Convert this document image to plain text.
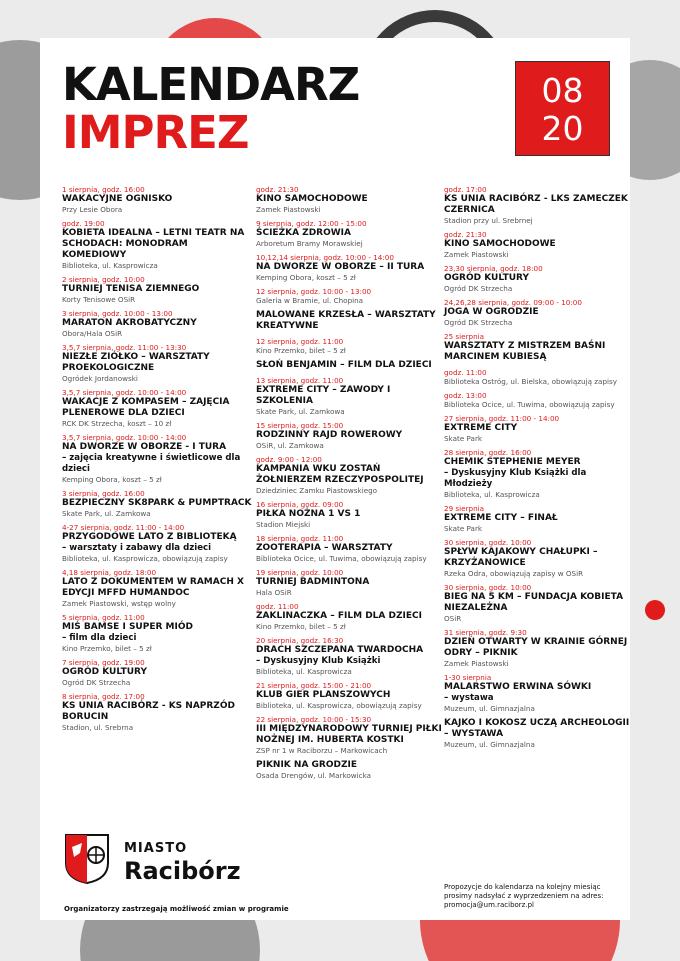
KALENDARZ
IMPREZ
08
20
1 sierpnia, godz. 16:00
WAKACYJNE OGNISKO
Przy Lesie Obora
godz. 19:00
KOBIETA IDEALNA – LETNI TEATR NA SCHODACH: MONODRAM KOMEDIOWY
Biblioteka, ul. Kasprowicza
2 sierpnia, godz. 10:00
TURNIEJ TENISA ZIEMNEGO
Korty Tenisowe OSiR
3 sierpnia, godz. 10:00 - 13:00
MARATON AKROBATYCZNY
Obora/Hala OSiR
3,5,7 sierpnia, godz. 11:00 - 13:30
NIEZŁE ZIÓŁKO – WARSZTATY PROEKOLOGICZNE
Ogródek Jordanowski
3,5,7 sierpnia, godz. 10:00 - 14:00
WAKACJE Z KOMPASEM – ZAJĘCIA PLENEROWE DLA DZIECI
RCK DK Strzecha, koszt – 10 zł
3,5,7 sierpnia, godz. 10:00 - 14:00
NA DWORZE W OBORZE - I TURA
– zajęcia kreatywne i świetlicowe dla dzieci
Kemping Obora, koszt – 5 zł
3 sierpnia, godz. 16:00
BEZPIECZNY SK8PARK & PUMPTRACK
Skate Park, ul. Zamkowa
4-27 sierpnia, godz. 11:00 - 14:00
PRZYGODOWE LATO Z BIBLIOTEKĄ
– warsztaty i zabawy dla dzieci
Biblioteka, ul. Kasprowicza, obowiązują zapisy
4,18 sierpnia, godz. 18:00
LATO Z DOKUMENTEM W RAMACH X EDYCJI MFFD HUMANDOC
Zamek Piastowski, wstęp wolny
5 sierpnia, godz. 11:00
MIŚ BAMSE I SUPER MIÓD
– film dla dzieci
Kino Przemko, bilet – 5 zł
7 sierpnia, godz. 19:00
OGRÓD KULTURY
Ogród DK Strzecha
8 sierpnia, godz. 17:00
KS UNIA RACIBÓRZ - KS NAPRZÓD BORUCIN
Stadion, ul. Srebrna
godz. 21:30
KINO SAMOCHODOWE
Zamek Piastowski
9 sierpnia, godz. 12:00 - 15:00
ŚCIEŻKA ZDROWIA
Arboretum Bramy Morawskiej
10,12,14 sierpnia, godz. 10:00 - 14:00
NA DWORZE W OBORZE – II TURA
Kemping Obora, koszt – 5 zł
12 sierpnia, godz. 10:00 - 13:00
Galeria w Bramie, ul. Chopina
MALOWANE KRZESŁA – WARSZTATY KREATYWNE
12 sierpnia, godz. 11:00
Kino Przemko, bilet – 5 zł
SŁOŃ BENJAMIN – FILM DLA DZIECI
13 sierpnia, godz. 11:00
EXTREME CITY – ZAWODY I SZKOLENIA
Skate Park, ul. Zamkowa
15 sierpnia, godz. 15:00
RODZINNY RAJD ROWEROWY
OSiR, ul. Zamkowa
godz. 9:00 - 12:00
KAMPANIA WKU ZOSTAŃ ŻOŁNIERZEM RZECZYPOSPOLITEJ
Dziedziniec Zamku Piastowskiego
16 sierpnia, godz. 09:00
PIŁKA NOŻNA 1 VS 1
Stadion Miejski
18 sierpnia, godz. 11:00
ZOOTERAPIA – WARSZTATY
Biblioteka Ocice, ul. Tuwima, obowiązują zapisy
19 sierpnia, godz. 10:00
TURNIEJ BADMINTONA
Hala OSiR
godz. 11:00
ZAKLINACZKA – FILM DLA DZIECI
Kino Przemko, bilet – 5 zł
20 sierpnia, godz. 16:30
DRACH SZCZEPANA TWARDOCHA
– Dyskusyjny Klub Książki
Biblioteka, ul. Kasprowicza
21 sierpnia, godz. 15:00 - 21:00
KLUB GIER PLANSZOWYCH
Biblioteka, ul. Kasprowicza, obowiązują zapisy
22 sierpnia, godz. 10:00 - 15:30
III MIĘDZYNARODOWY TURNIEJ PIŁKI NOŻNEJ IM. HUBERTA KOSTKI
ZSP nr 1 w Raciborzu – Markowicach
PIKNIK NA GRODZIE
Osada Drengów, ul. Markowicka
godz. 17:00
KS UNIA RACIBÓRZ - LKS ZAMECZEK CZERNICA
Stadion przy ul. Srebrnej
godz. 21:30
KINO SAMOCHODOWE
Zamek Piastowski
23,30 sierpnia, godz. 18:00
OGRÓD KULTURY
Ogród DK Strzecha
24,26,28 sierpnia, godz. 09:00 - 10:00
JOGA W OGRODZIE
Ogród DK Strzecha
25 sierpnia
WARSZTATY Z MISTRZEM BAŚNI MARCINEM KUBIESĄ
godz. 11:00
Biblioteka Ostróg, ul. Bielska, obowiązują zapisy
godz. 13:00
Biblioteka Ocice, ul. Tuwima, obowiązują zapisy
27 sierpnia, godz. 11:00 - 14:00
EXTREME CITY
Skate Park
28 sierpnia, godz. 16:00
CHEMIK STEPHENIE MEYER
– Dyskusyjny Klub Książki dla Młodzieży
Biblioteka, ul. Kasprowicza
29 sierpnia
EXTREME CITY – FINAŁ
Skate Park
30 sierpnia, godz. 10:00
SPŁYW KAJAKOWY CHAŁUPKI – KRZYŻANOWICE
Rzeka Odra, obowiązują zapisy w OSiR
30 sierpnia, godz. 10:00
BIEG NA 5 KM – FUNDACJA KOBIETA NIEZALEŻNA
OSiR
31 sierpnia, godz. 9:30
DZIEŃ OTWARTY W KRAINIE GÓRNEJ ODRY – PIKNIK
Zamek Piastowski
1-30 sierpnia
MALARSTWO ERWINA SÓWKI
– wystawa
Muzeum, ul. Gimnazjalna
KAJKO I KOKOSZ UCZĄ ARCHEOLOGII – WYSTAWA
Muzeum, ul. Gimnazjalna
MIASTO
Racibórz
Organizatorzy zastrzegają możliwość zmian w programie
Propozycje do kalendarza na kolejny miesiąc prosimy nadsyłać z wyprzedzeniem na adres: promocja@um.raciborz.pl
